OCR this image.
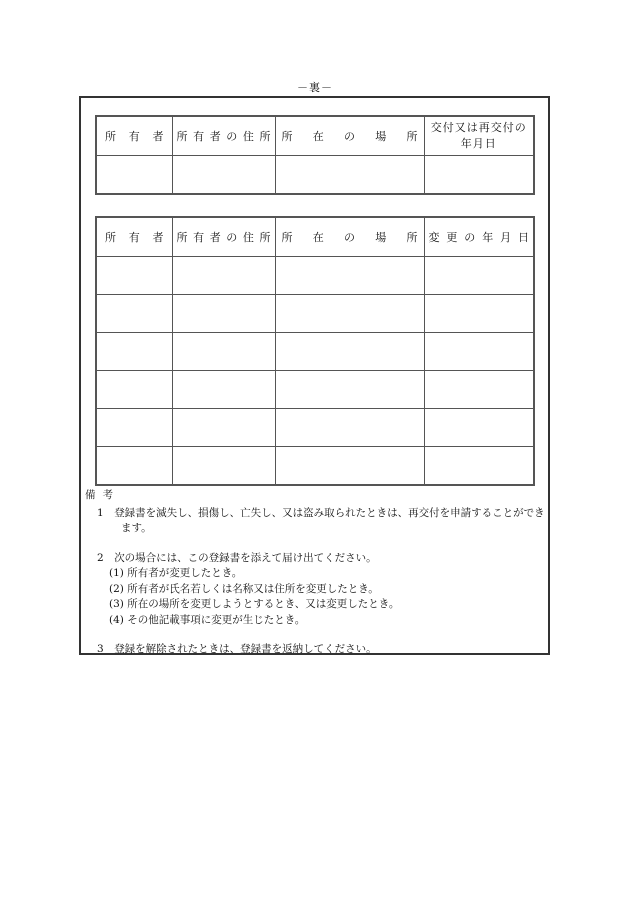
－裏－
所　有　者	所有者の住所	所　在　の　場　所	交付又は再交付の年月日

所　有　者	所有者の住所	所　在　の　場　所	変更の年月日

備考
1　 登録書を滅失し、損傷し、亡失し、又は盗み取られたときは、再交付を申請することができます。
2　 次の場合には、この登録書を添えて届け出てください。
(1) 所有者が変更したとき。
(2) 所有者が氏名若しくは名称又は住所を変更したとき。
(3) 所在の場所を変更しようとするとき、又は変更したとき。
(4) その他記載事項に変更が生じたとき。
3　 登録を解除されたときは、登録書を返納してください。
